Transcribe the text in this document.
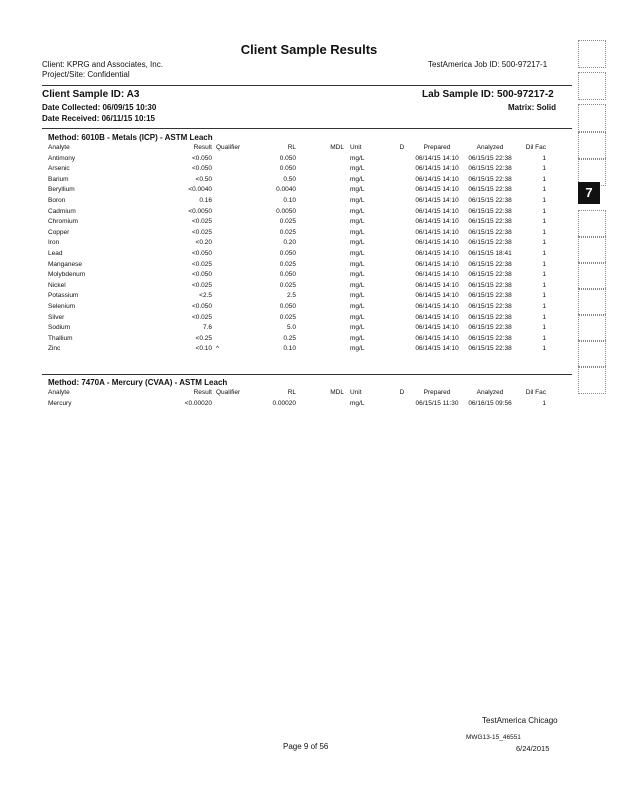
Client Sample Results
Client: KPRG and Associates, Inc.
Project/Site: Confidential
TestAmerica Job ID: 500-97217-1
Client Sample ID: A3	Lab Sample ID: 500-97217-2
Date Collected: 06/09/15 10:30	Matrix: Solid
Date Received: 06/11/15 10:15
Method: 6010B - Metals (ICP) - ASTM Leach
Analyte	Result	Qualifier	RL	MDL	Unit	D	Prepared	Analyzed	Dil Fac
Antimony	<0.050		0.050		mg/L		06/14/15 14:10	06/15/15 22:38	1
Arsenic	<0.050		0.050		mg/L		06/14/15 14:10	06/15/15 22:38	1
Barium	<0.50		0.50		mg/L		06/14/15 14:10	06/15/15 22:38	1
Beryllium	<0.0040		0.0040		mg/L		06/14/15 14:10	06/15/15 22:38	1
Boron	0.16		0.10		mg/L		06/14/15 14:10	06/15/15 22:38	1
Cadmium	<0.0050		0.0050		mg/L		06/14/15 14:10	06/15/15 22:38	1
Chromium	<0.025		0.025		mg/L		06/14/15 14:10	06/15/15 22:38	1
Copper	<0.025		0.025		mg/L		06/14/15 14:10	06/15/15 22:38	1
Iron	<0.20		0.20		mg/L		06/14/15 14:10	06/15/15 22:38	1
Lead	<0.050		0.050		mg/L		06/14/15 14:10	06/15/15 18:41	1
Manganese	<0.025		0.025		mg/L		06/14/15 14:10	06/15/15 22:38	1
Molybdenum	<0.050		0.050		mg/L		06/14/15 14:10	06/15/15 22:38	1
Nickel	<0.025		0.025		mg/L		06/14/15 14:10	06/15/15 22:38	1
Potassium	<2.5		2.5		mg/L		06/14/15 14:10	06/15/15 22:38	1
Selenium	<0.050		0.050		mg/L		06/14/15 14:10	06/15/15 22:38	1
Silver	<0.025		0.025		mg/L		06/14/15 14:10	06/15/15 22:38	1
Sodium	7.6		5.0		mg/L		06/14/15 14:10	06/15/15 22:38	1
Thallium	<0.25		0.25		mg/L		06/14/15 14:10	06/15/15 22:38	1
Zinc	<0.10	^	0.10		mg/L		06/14/15 14:10	06/15/15 22:38	1
Method: 7470A - Mercury (CVAA) - ASTM Leach
Analyte	Result	Qualifier	RL	MDL	Unit	D	Prepared	Analyzed	Dil Fac
Mercury	<0.00020		0.00020		mg/L		06/15/15 11:30	06/16/15 09:56	1
TestAmerica Chicago
Page 9 of 56
MWG13-15_46551
6/24/2015
7
